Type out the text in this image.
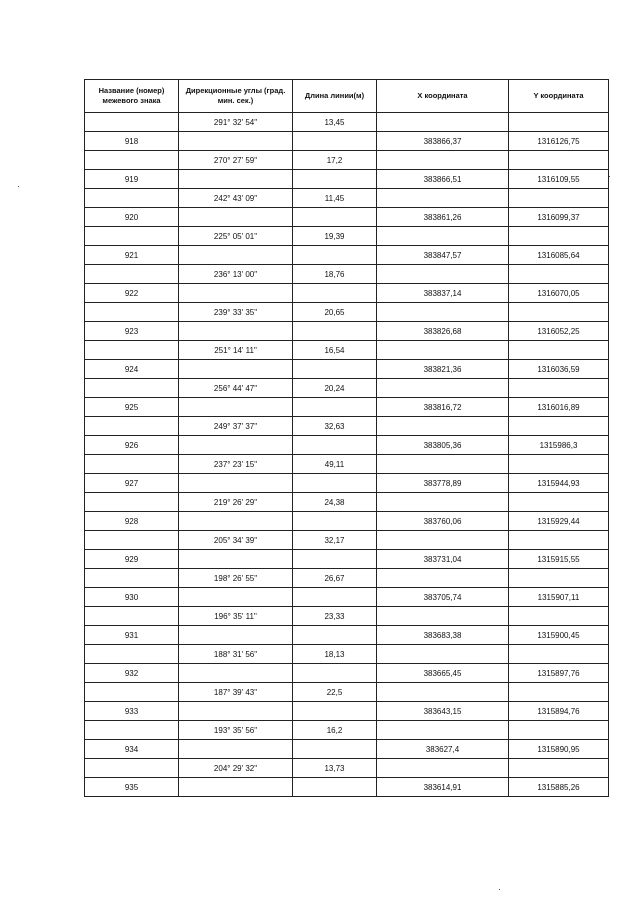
Название (номер) межевого знака	Дирекционные углы (град. мин. сек.)	Длина линии(м)	X координата	Y координата
	291° 32' 54"	13,45		
918			383866,37	1316126,75
	270° 27' 59"	17,2		
919			383866,51	1316109,55
	242° 43' 09"	11,45		
920			383861,26	1316099,37
	225° 05' 01"	19,39		
921			383847,57	1316085,64
	236° 13' 00"	18,76		
922			383837,14	1316070,05
	239° 33' 35"	20,65		
923			383826,68	1316052,25
	251° 14' 11"	16,54		
924			383821,36	1316036,59
	256° 44' 47"	20,24		
925			383816,72	1316016,89
	249° 37' 37"	32,63		
926			383805,36	1315986,3
	237° 23' 15"	49,11		
927			383778,89	1315944,93
	219° 26' 29"	24,38		
928			383760,06	1315929,44
	205° 34' 39"	32,17		
929			383731,04	1315915,55
	198° 26' 55"	26,67		
930			383705,74	1315907,11
	196° 35' 11"	23,33		
931			383683,38	1315900,45
	188° 31' 56"	18,13		
932			383665,45	1315897,76
	187° 39' 43"	22,5		
933			383643,15	1315894,76
	193° 35' 56"	16,2		
934			383627,4	1315890,95
	204° 29' 32"	13,73		
935			383614,91	1315885,26
